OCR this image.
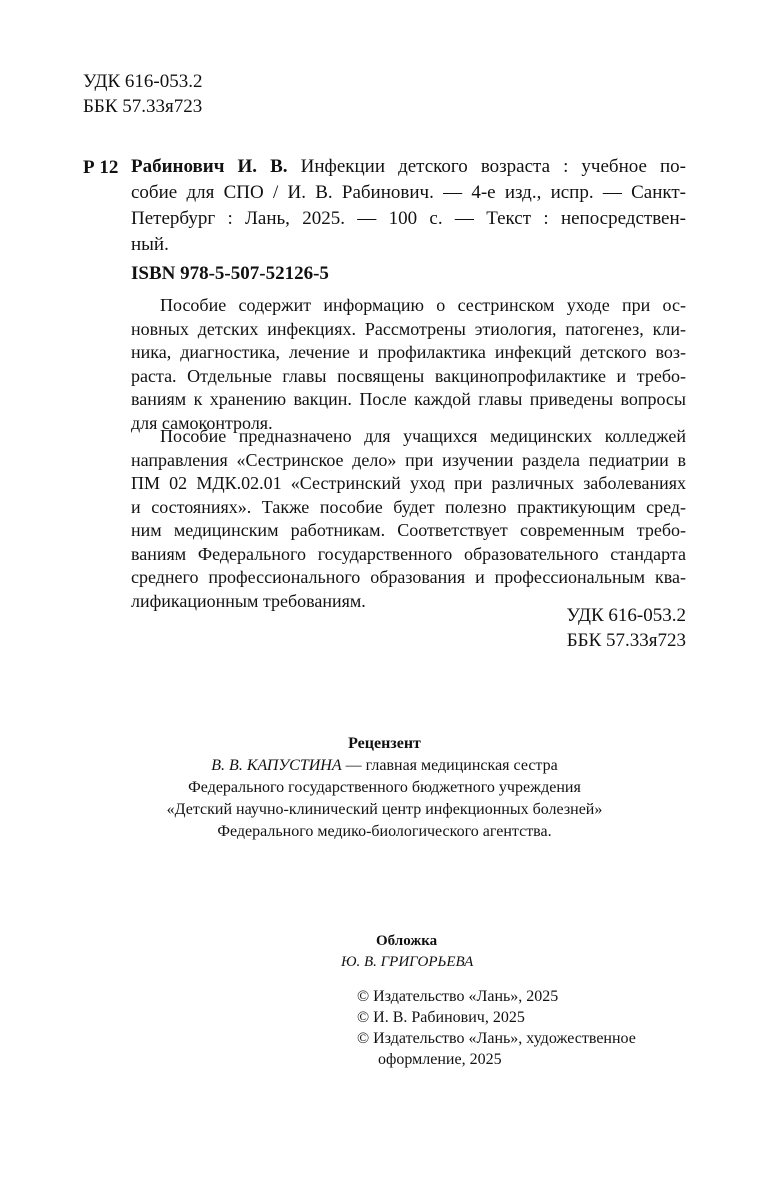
УДК 616-053.2
ББК 57.33я723
Р 12 Рабинович И. В. Инфекции детского возраста : учебное по-
собие для СПО / И. В. Рабинович. — 4-е изд., испр. — Санкт-
Петербург : Лань, 2025. — 100 с. — Текст : непосредствен-
ный.
ISBN 978-5-507-52126-5
Пособие содержит информацию о сестринском уходе при ос-
новных детских инфекциях. Рассмотрены этиология, патогенез, кли-
ника, диагностика, лечение и профилактика инфекций детского воз-
раста. Отдельные главы посвящены вакцинопрофилактике и требо-
ваниям к хранению вакцин. После каждой главы приведены вопросы
для самоконтроля.
Пособие предназначено для учащихся медицинских колледжей
направления «Сестринское дело» при изучении раздела педиатрии в
ПМ 02 МДК.02.01 «Сестринский уход при различных заболеваниях
и состояниях». Также пособие будет полезно практикующим сред-
ним медицинским работникам. Соответствует современным требо-
ваниям Федерального государственного образовательного стандарта
среднего профессионального образования и профессиональным ква-
лификационным требованиям.
УДК 616-053.2
ББК 57.33я723
Рецензент
В. В. КАПУСТИНА — главная медицинская сестра
Федерального государственного бюджетного учреждения
«Детский научно-клинический центр инфекционных болезней»
Федерального медико-биологического агентства.
Обложка
Ю. В. ГРИГОРЬЕВА
© Издательство «Лань», 2025
© И. В. Рабинович, 2025
© Издательство «Лань», художественное
оформление, 2025
